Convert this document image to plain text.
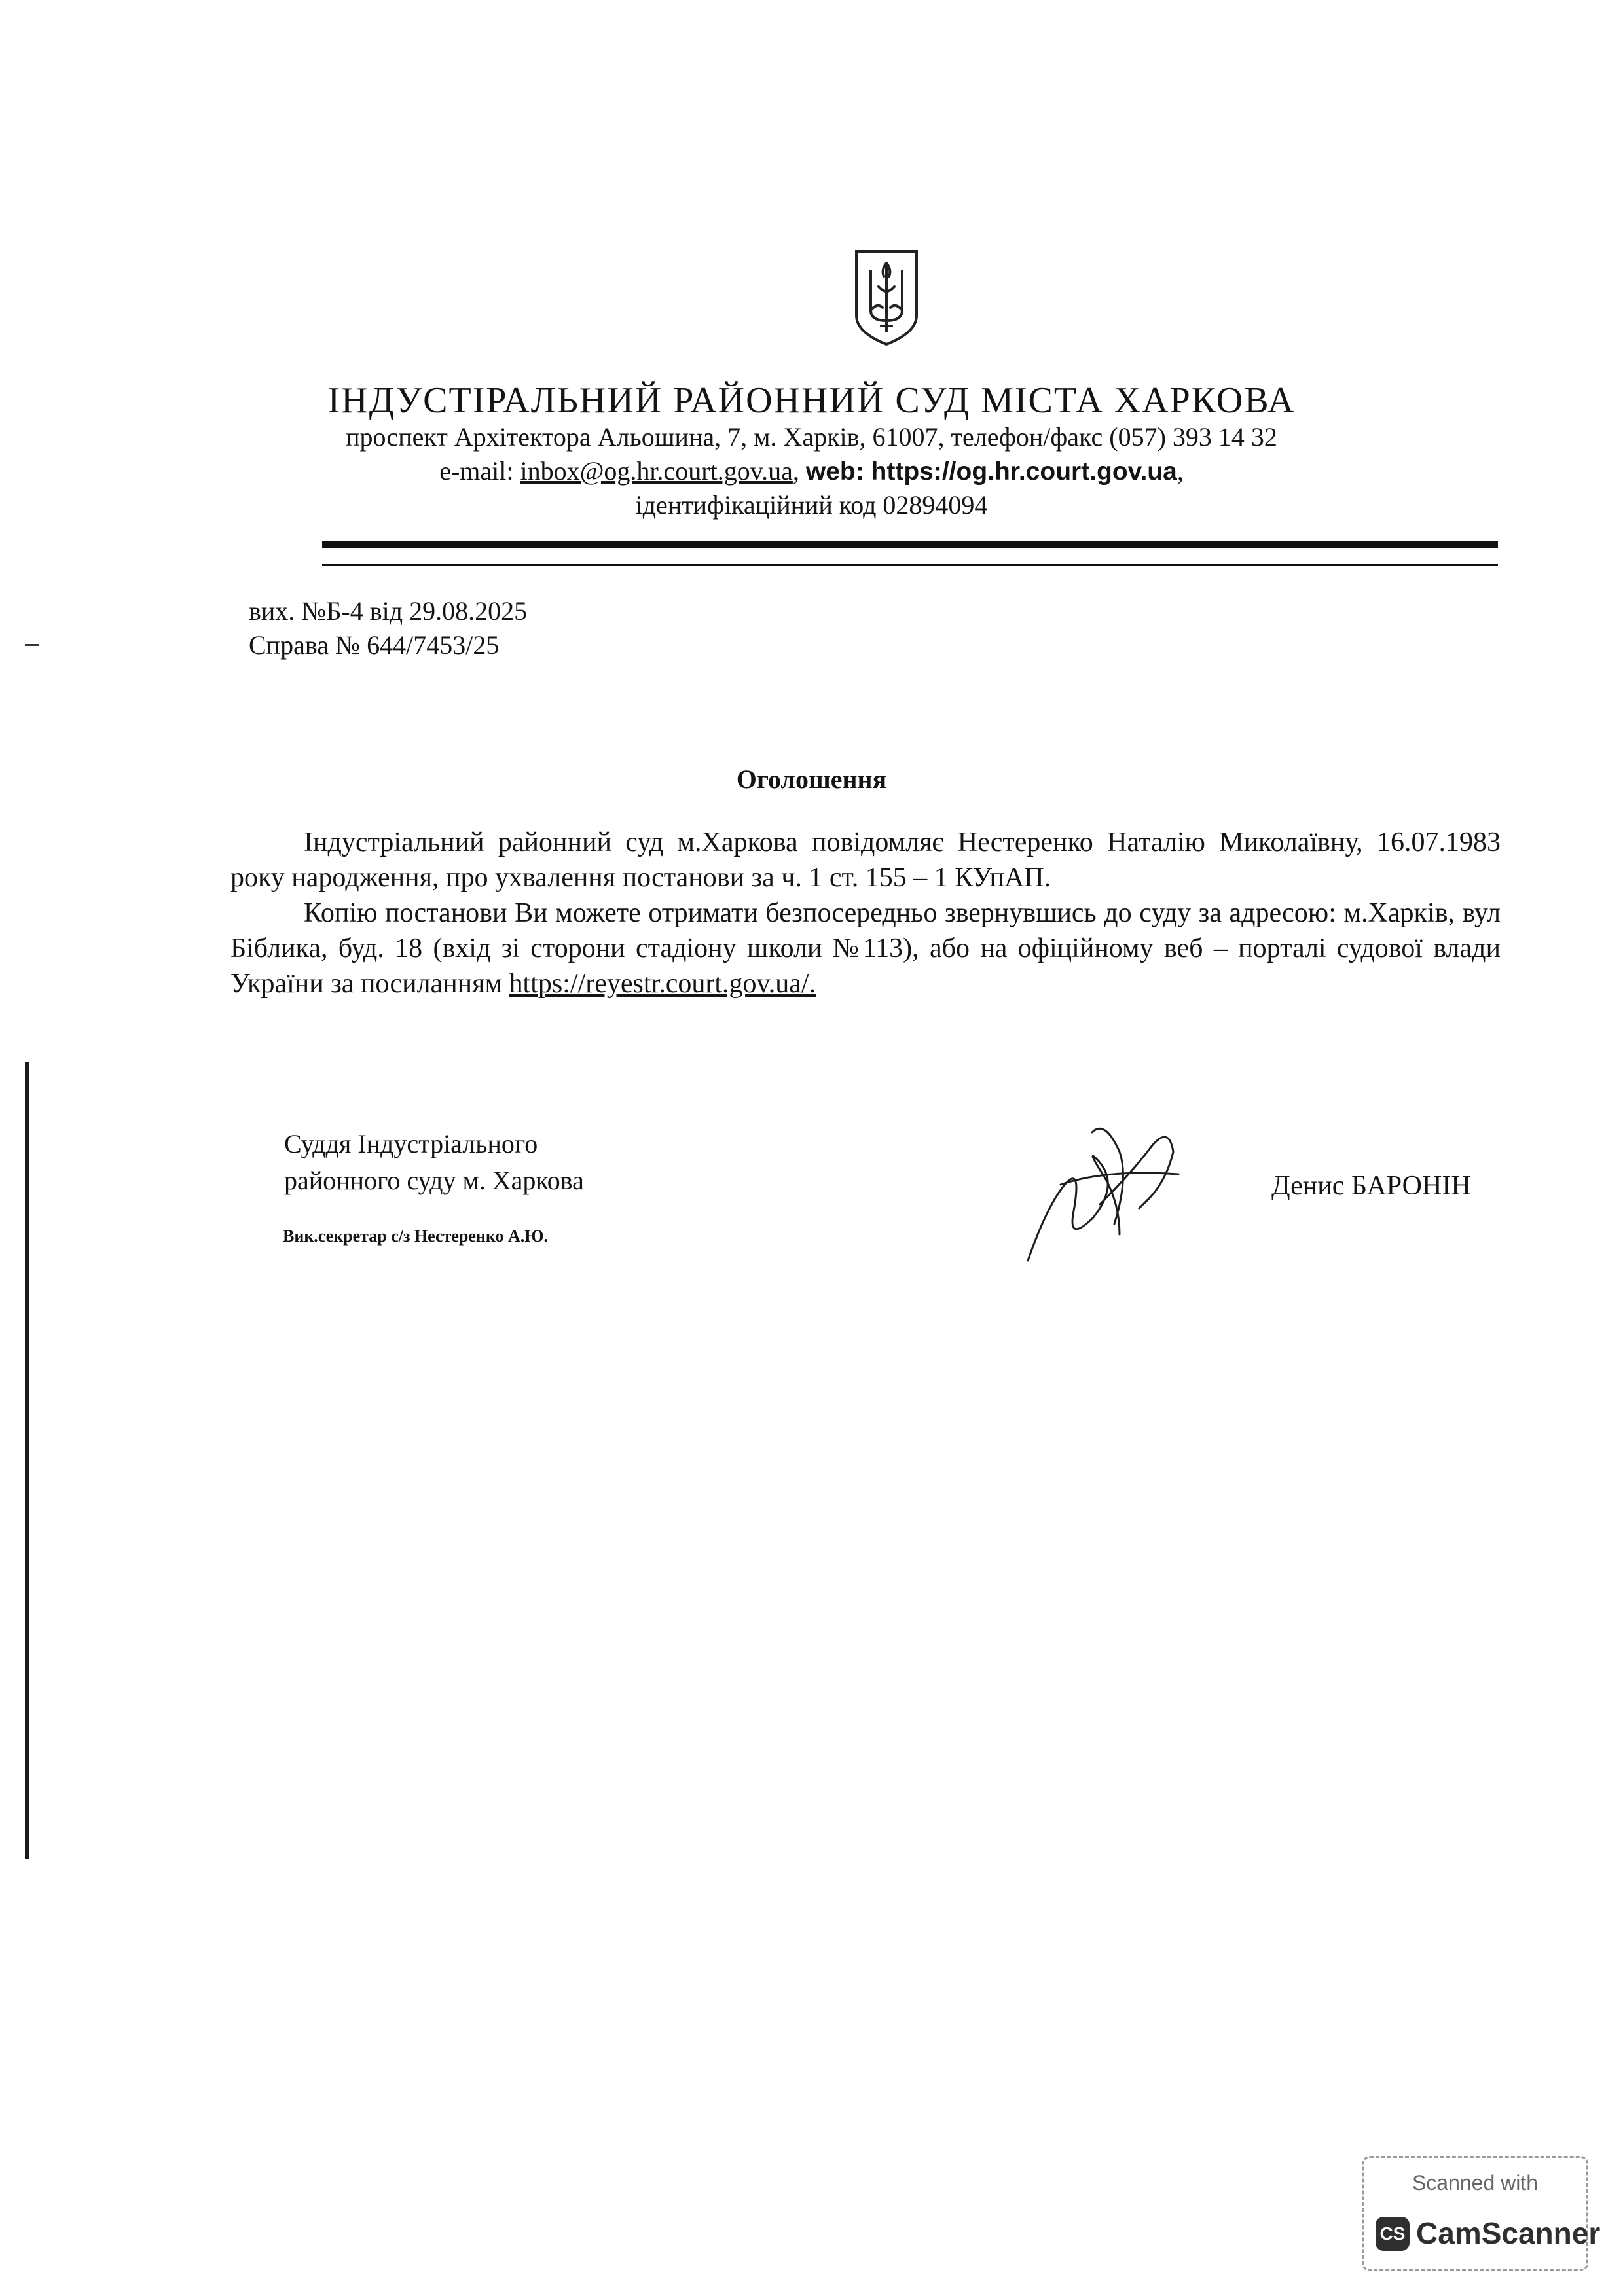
ІНДУСТІРАЛЬНИЙ РАЙОННИЙ СУД МІСТА ХАРКОВА
проспект Архітектора Альошина, 7, м. Харків, 61007, телефон/факс (057) 393 14 32
e-mail: inbox@og.hr.court.gov.ua, web: https://og.hr.court.gov.ua,
ідентифікаційний код 02894094
вих. №Б-4 від 29.08.2025
Справа № 644/7453/25
Оголошення

Індустріальний районний суд м.Харкова повідомляє Нестеренко Наталію Миколаївну, 16.07.1983 року народження, про ухвалення постанови за ч. 1 ст. 155 – 1 КУпАП.

Копію постанови Ви можете отримати безпосередньо звернувшись до суду за адресою: м.Харків, вул Біблика, буд. 18 (вхід зі сторони стадіону школи №113), або на офіційному веб – порталі судової влади України за посиланням https://reyestr.court.gov.ua/.

Суддя Індустріального
районного суду м. Харкова
Вик.секретар с/з Нестеренко А.Ю.
Денис БАРОНІН
Scanned with
CS CamScanner
